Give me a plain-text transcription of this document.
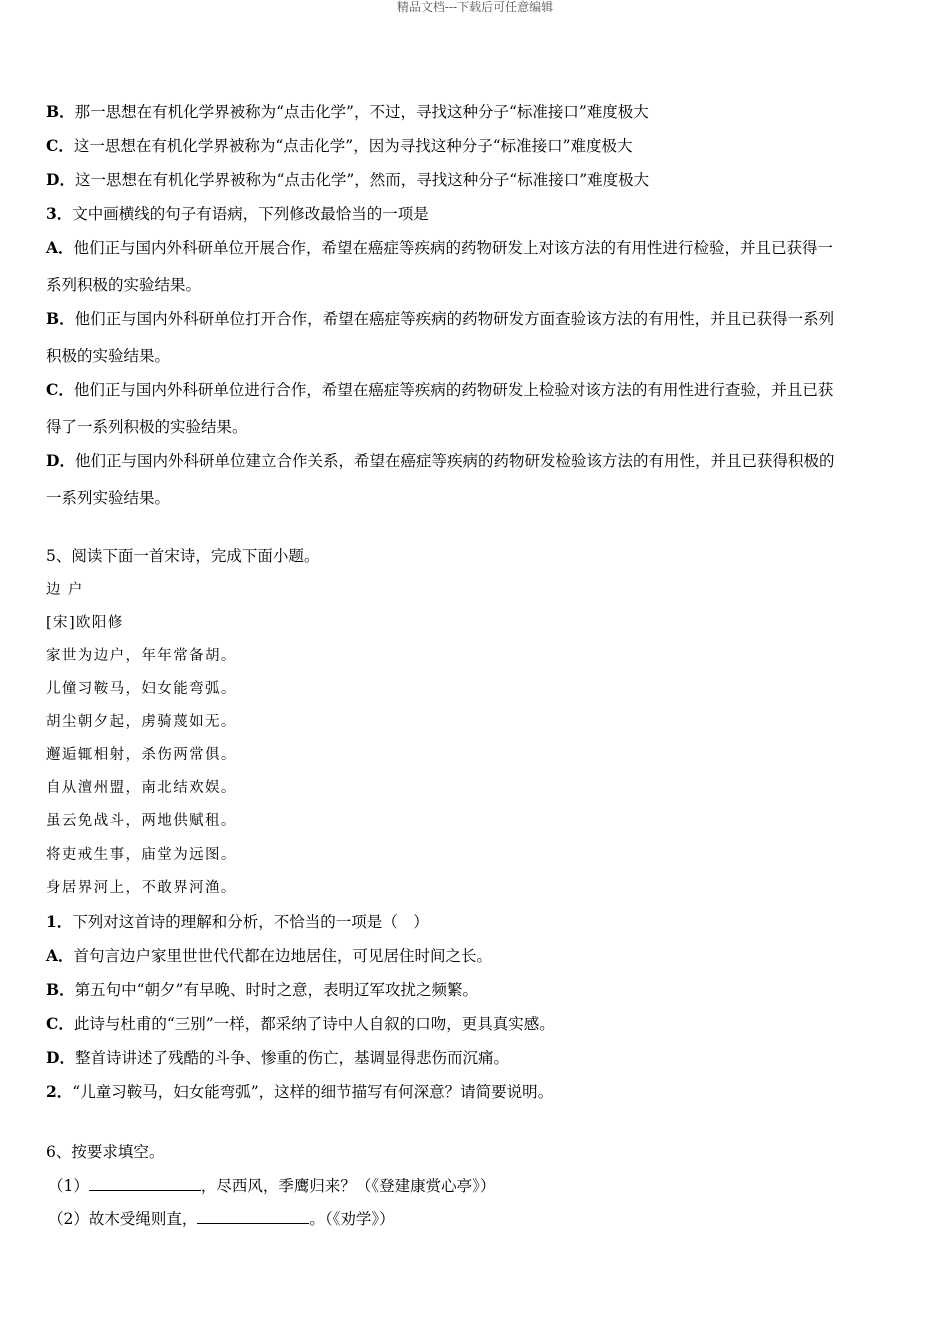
精品文档---下载后可任意编辑
B．那一思想在有机化学界被称为“点击化学”，不过，寻找这种分子“标准接口”难度极大
C．这一思想在有机化学界被称为“点击化学”，因为寻找这种分子“标准接口”难度极大
D．这一思想在有机化学界被称为“点击化学”，然而，寻找这种分子“标准接口”难度极大
3．文中画横线的句子有语病，下列修改最恰当的一项是
A．他们正与国内外科研单位开展合作，希望在癌症等疾病的药物研发上对该方法的有用性进行检验，并且已获得一
系列积极的实验结果。
B．他们正与国内外科研单位打开合作，希望在癌症等疾病的药物研发方面查验该方法的有用性，并且已获得一系列
积极的实验结果。
C．他们正与国内外科研单位进行合作，希望在癌症等疾病的药物研发上检验对该方法的有用性进行查验，并且已获
得了一系列积极的实验结果。
D．他们正与国内外科研单位建立合作关系，希望在癌症等疾病的药物研发检验该方法的有用性，并且已获得积极的
一系列实验结果。
5、阅读下面一首宋诗，完成下面小题。
边 户
[宋]欧阳修
家世为边户，年年常备胡。
儿僮习鞍马，妇女能弯弧。
胡尘朝夕起，虏骑蔑如无。
邂逅辄相射，杀伤两常俱。
自从澶州盟，南北结欢娱。
虽云免战斗，两地供赋租。
将吏戒生事，庙堂为远图。
身居界河上，不敢界河渔。
1．下列对这首诗的理解和分析，不恰当的一项是（　）
A．首句言边户家里世世代代都在边地居住，可见居住时间之长。
B．第五句中“朝夕”有早晚、时时之意，表明辽军攻扰之频繁。
C．此诗与杜甫的“三别”一样，都采纳了诗中人自叙的口吻，更具真实感。
D．整首诗讲述了残酷的斗争、惨重的伤亡，基调显得悲伤而沉痛。
2．“儿童习鞍马，妇女能弯弧”，这样的细节描写有何深意？请简要说明。
6、按要求填空。
（1）	，尽西风，季鹰归来？（《登建康赏心亭》）
（2）故木受绳则直，	。（《劝学》）
